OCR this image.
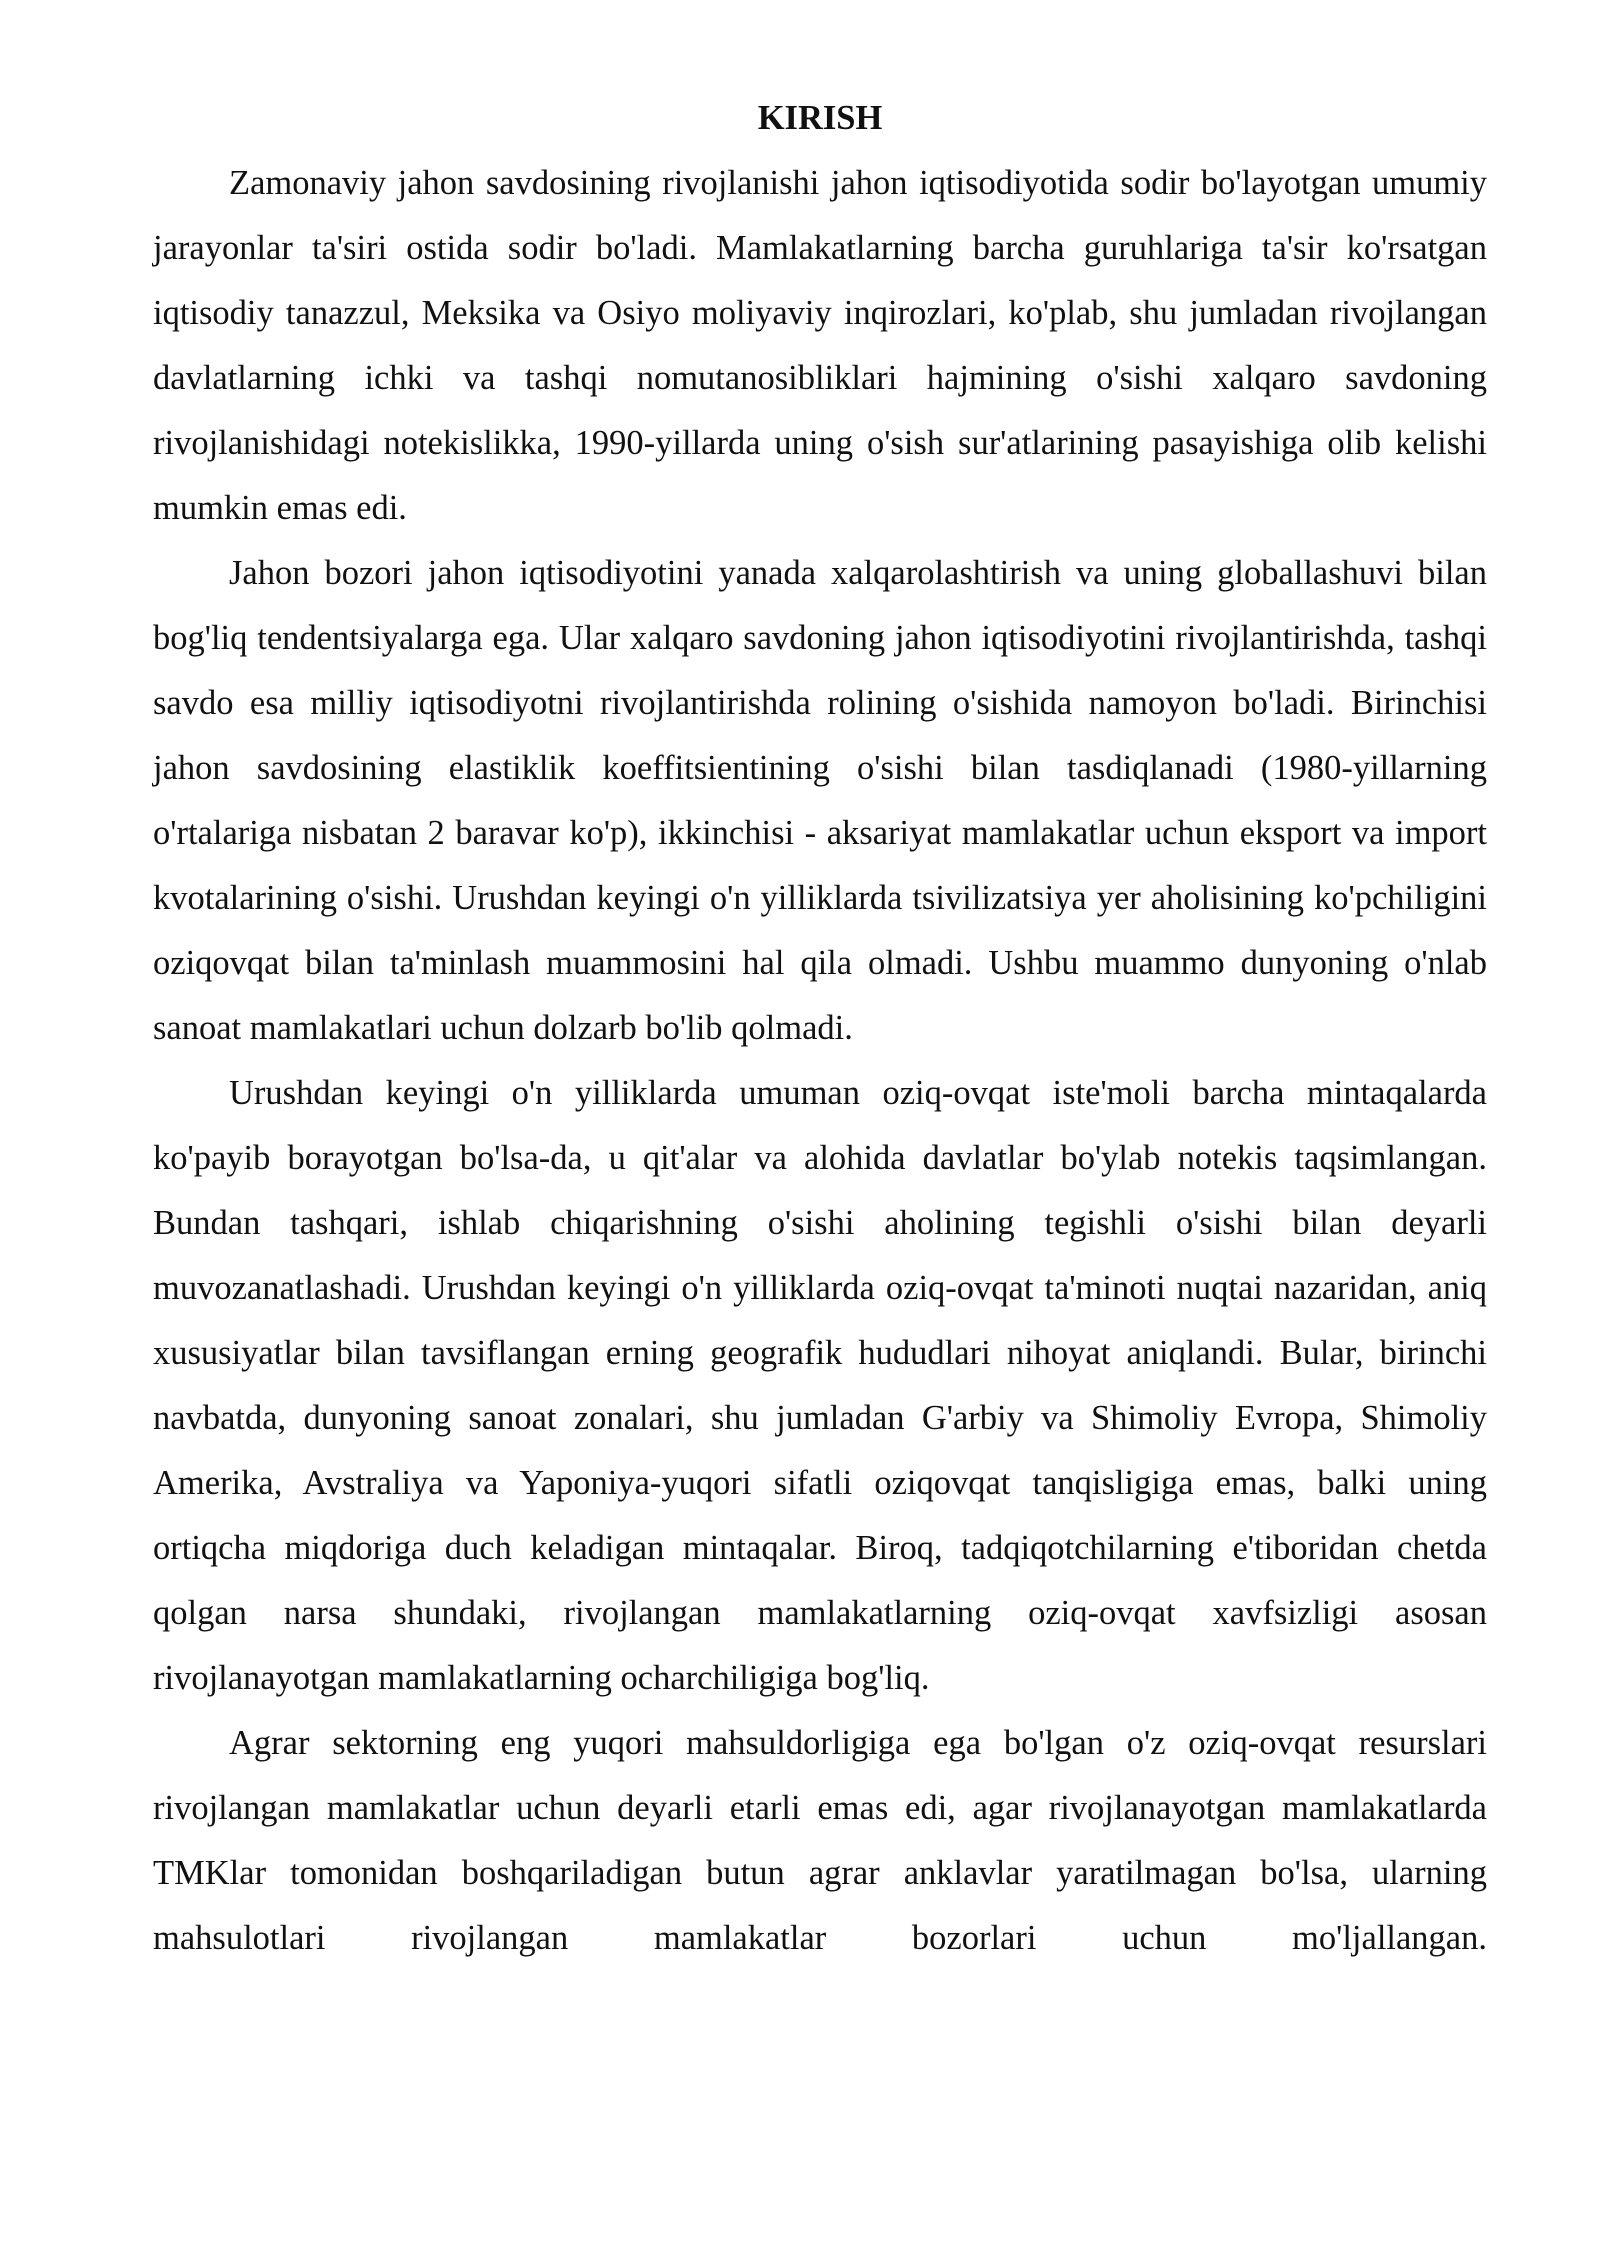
KIRISH

Zamonaviy jahon savdosining rivojlanishi jahon iqtisodiyotida sodir bo'layotgan umumiy jarayonlar ta'siri ostida sodir bo'ladi. Mamlakatlarning barcha guruhlariga ta'sir ko'rsatgan iqtisodiy tanazzul, Meksika va Osiyo moliyaviy inqirozlari, ko'plab, shu jumladan rivojlangan davlatlarning ichki va tashqi nomutanosibliklari hajmining o'sishi xalqaro savdoning rivojlanishidagi notekislikka, 1990-yillarda uning o'sish sur'atlarining pasayishiga olib kelishi mumkin emas edi.

Jahon bozori jahon iqtisodiyotini yanada xalqarolashtirish va uning globallashuvi bilan bog'liq tendentsiyalarga ega. Ular xalqaro savdoning jahon iqtisodiyotini rivojlantirishda, tashqi savdo esa milliy iqtisodiyotni rivojlantirishda rolining o'sishida namoyon bo'ladi. Birinchisi jahon savdosining elastiklik koeffitsientining o'sishi bilan tasdiqlanadi (1980-yillarning o'rtalariga nisbatan 2 baravar ko'p), ikkinchisi - aksariyat mamlakatlar uchun eksport va import kvotalarining o'sishi. Urushdan keyingi o'n yilliklarda tsivilizatsiya yer aholisining ko'pchiligini oziqovqat bilan ta'minlash muammosini hal qila olmadi. Ushbu muammo dunyoning o'nlab sanoat mamlakatlari uchun dolzarb bo'lib qolmadi.

Urushdan keyingi o'n yilliklarda umuman oziq-ovqat iste'moli barcha mintaqalarda ko'payib borayotgan bo'lsa-da, u qit'alar va alohida davlatlar bo'ylab notekis taqsimlangan. Bundan tashqari, ishlab chiqarishning o'sishi aholining tegishli o'sishi bilan deyarli muvozanatlashadi. Urushdan keyingi o'n yilliklarda oziq-ovqat ta'minoti nuqtai nazaridan, aniq xususiyatlar bilan tavsiflangan erning geografik hududlari nihoyat aniqlandi. Bular, birinchi navbatda, dunyoning sanoat zonalari, shu jumladan G'arbiy va Shimoliy Evropa, Shimoliy Amerika, Avstraliya va Yaponiya-yuqori sifatli oziqovqat tanqisligiga emas, balki uning ortiqcha miqdoriga duch keladigan mintaqalar. Biroq, tadqiqotchilarning e'tiboridan chetda qolgan narsa shundaki, rivojlangan mamlakatlarning oziq-ovqat xavfsizligi asosan rivojlanayotgan mamlakatlarning ocharchiligiga bog'liq.

Agrar sektorning eng yuqori mahsuldorligiga ega bo'lgan o'z oziq-ovqat resurslari rivojlangan mamlakatlar uchun deyarli etarli emas edi, agar rivojlanayotgan mamlakatlarda TMKlar tomonidan boshqariladigan butun agrar anklavlar yaratilmagan bo'lsa, ularning mahsulotlari rivojlangan mamlakatlar bozorlari uchun mo'ljallangan.
